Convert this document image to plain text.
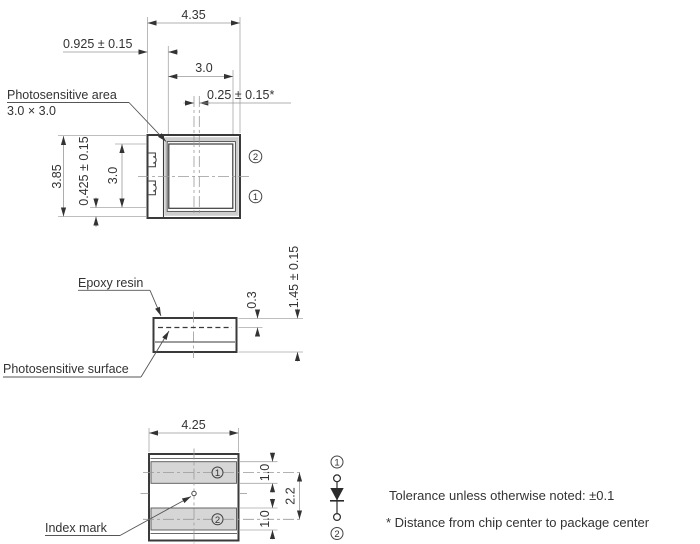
4.35
0.925 ± 0.15
3.0
0.25 ± 0.15*
3.85 0.425 ± 0.15 3.0
Photosensitive area
3.0 × 3.0
2
1
0.3 1.45 ± 0.15
Epoxy resin
Photosensitive surface
4.25
1.0
2.2
1.0
1
2
Index mark
1
2
Tolerance unless otherwise noted: ±0.1
* Distance from chip center to package center
